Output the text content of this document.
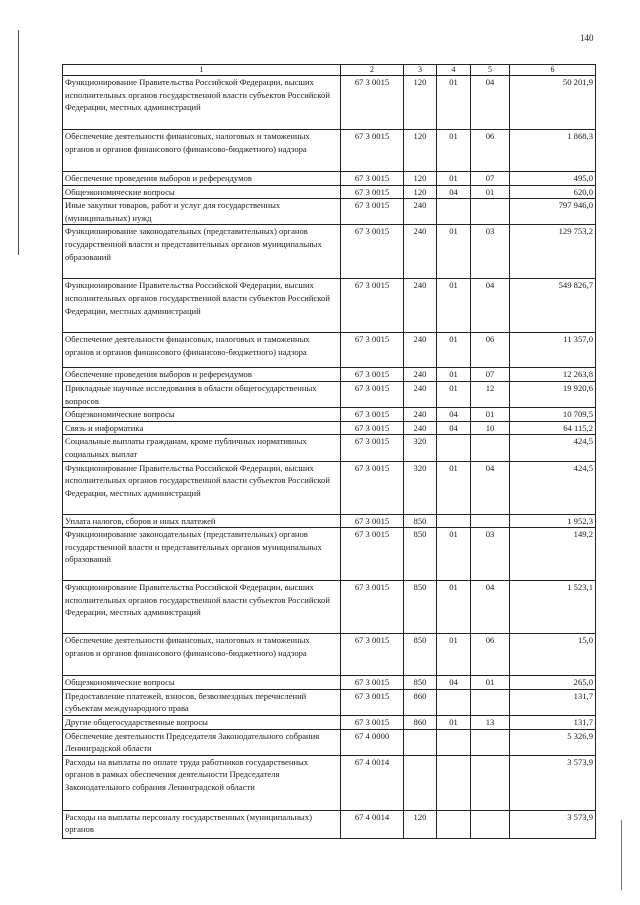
140
1	2	3	4	5	6
Функционирование Правительства Российской Федерации, высших исполнительных органов государственной власти субъектов Российской Федерации, местных администраций	67 3 0015	120	01	04	50 201,9
Обеспечение деятельности финансовых, налоговых и таможенных органов и органов финансового (финансово-бюджетного) надзора	67 3 0015	120	01	06	1 868,3
Обеспечение проведения выборов и референдумов	67 3 0015	120	01	07	495,0
Общеэкономические вопросы	67 3 0015	120	04	01	620,0
Иные закупки товаров, работ и услуг для государственных (муниципальных) нужд	67 3 0015	240			797 946,0
Функционирование законодательных (представительных) органов государственной власти и представительных органов муниципальных образований	67 3 0015	240	01	03	129 753,2
Функционирование Правительства Российской Федерации, высших исполнительных органов государственной власти субъектов Российской Федерации, местных администраций	67 3 0015	240	01	04	549 826,7
Обеспечение деятельности финансовых, налоговых и таможенных органов и органов финансового (финансово-бюджетного) надзора	67 3 0015	240	01	06	11 357,0
Обеспечение проведения выборов и референдумов	67 3 0015	240	01	07	12 263,8
Прикладные научные исследования в области общегосударственных вопросов	67 3 0015	240	01	12	19 920,6
Общеэкономические вопросы	67 3 0015	240	04	01	10 709,5
Связь и информатика	67 3 0015	240	04	10	64 115,2
Социальные выплаты гражданам, кроме публичных нормативных социальных выплат	67 3 0015	320			424,5
Функционирование Правительства Российской Федерации, высших исполнительных органов государственной власти субъектов Российской Федерации, местных администраций	67 3 0015	320	01	04	424,5
Уплата налогов, сборов и иных платежей	67 3 0015	850			1 952,3
Функционирование законодательных (представительных) органов государственной власти и представительных органов муниципальных образований	67 3 0015	850	01	03	149,2
Функционирование Правительства Российской Федерации, высших исполнительных органов государственной власти субъектов Российской Федерации, местных администраций	67 3 0015	850	01	04	1 523,1
Обеспечение деятельности финансовых, налоговых и таможенных органов и органов финансового (финансово-бюджетного) надзора	67 3 0015	850	01	06	15,0
Общеэкономические вопросы	67 3 0015	850	04	01	265,0
Предоставление платежей, взносов, безвозмездных перечислений субъектам международного права	67 3 0015	860			131,7
Другие общегосударственные вопросы	67 3 0015	860	01	13	131,7
Обеспечение деятельности Председателя Законодательного собрания Ленинградской области	67 4 0000				5 326,9
Расходы на выплаты по оплате труда работников государственных органов в рамках обеспечения деятельности Председателя Законодательного собрания Ленинградской области	67 4 0014				3 573,9
Расходы на выплаты персоналу государственных (муниципальных) органов	67 4 0014	120			3 573,9
